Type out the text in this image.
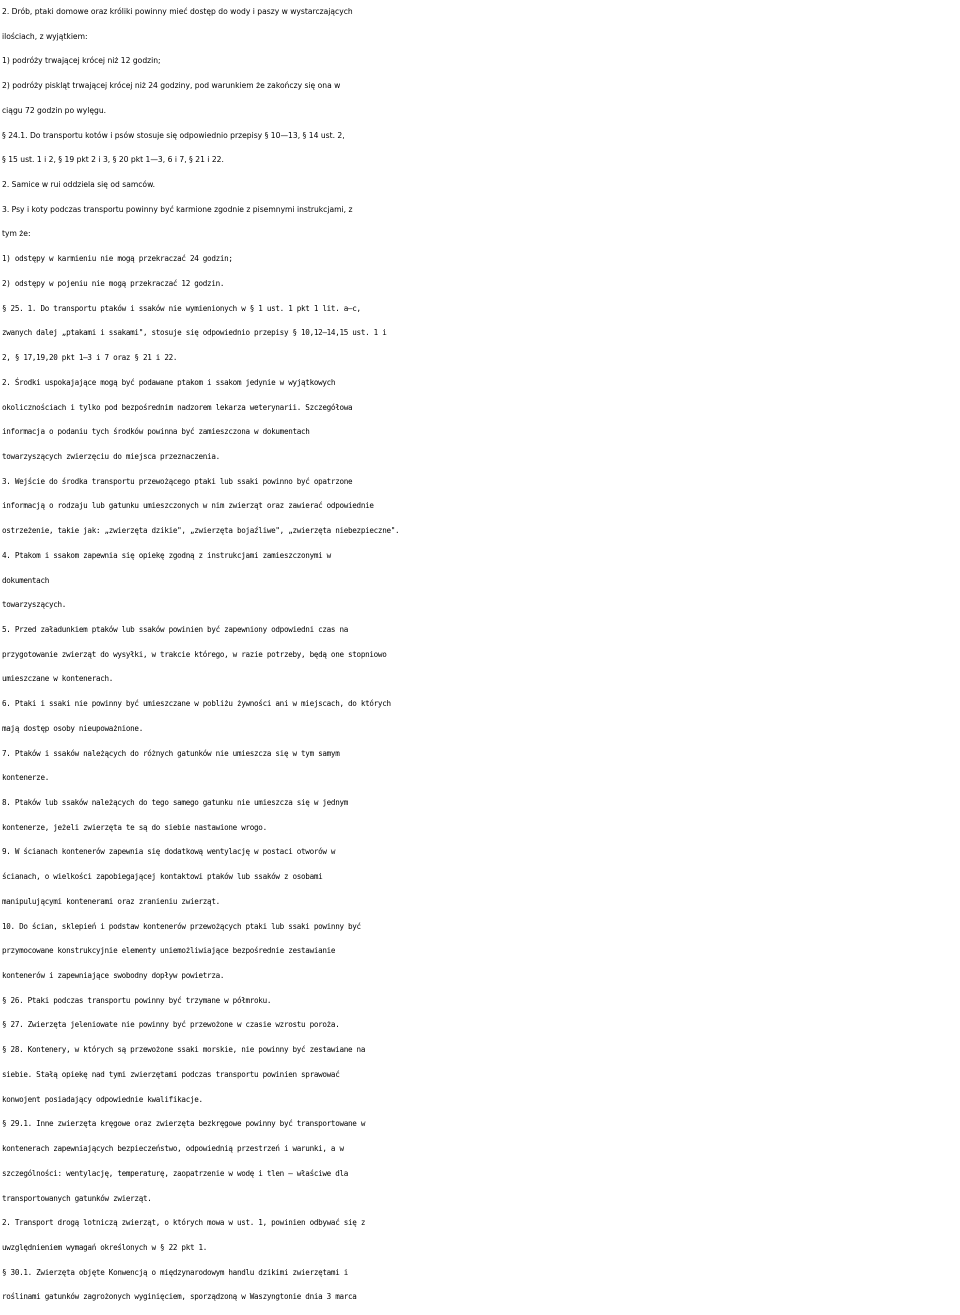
2. Drób, ptaki domowe oraz króliki powinny mieć dostęp do wody i paszy w wystarczających
ilościach, z wyjątkiem:
1) podróży trwającej krócej niż 12 godzin;
2) podróży piskląt trwającej krócej niż 24 godziny, pod warunkiem że zakończy się ona w
ciągu 72 godzin po wylęgu.
§ 24.1. Do transportu kotów i psów stosuje się odpowiednio przepisy § 10—13, § 14 ust. 2,
§ 15 ust. 1 i 2, § 19 pkt 2 i 3, § 20 pkt 1—3, 6 i 7, § 21 i 22.
2. Samice w rui oddziela się od samców.
3. Psy i koty podczas transportu powinny być karmione zgodnie z pisemnymi instrukcjami, z
tym że:
1) odstępy w karmieniu nie mogą przekraczać 24 godzin;
2) odstępy w pojeniu nie mogą przekraczać 12 godzin.
§ 25. 1. Do transportu ptaków i ssaków nie wymienionych w § 1 ust. 1 pkt 1 lit. a—c,
zwanych dalej „ptakami i ssakami", stosuje się odpowiednio przepisy § 10,12—14,15 ust. 1 i
2, § 17,19,20 pkt 1—3 i 7 oraz § 21 i 22.
2. Środki uspokajające mogą być podawane ptakom i ssakom jedynie w wyjątkowych
okolicznościach i tylko pod bezpośrednim nadzorem lekarza weterynarii. Szczegółowa
informacja o podaniu tych środków powinna być zamieszczona w dokumentach
towarzyszących zwierzęciu do miejsca przeznaczenia.
3. Wejście do środka transportu przewożącego ptaki lub ssaki powinno być opatrzone
informacją o rodzaju lub gatunku umieszczonych w nim zwierząt oraz zawierać odpowiednie
ostrzeżenie, takie jak: „zwierzęta dzikie", „zwierzęta bojaźliwe", „zwierzęta niebezpieczne".
4. Ptakom i ssakom zapewnia się opiekę zgodną z instrukcjami zamieszczonymi w
dokumentach
towarzyszących.
5. Przed załadunkiem ptaków lub ssaków powinien być zapewniony odpowiedni czas na
przygotowanie zwierząt do wysyłki, w trakcie którego, w razie potrzeby, będą one stopniowo
umieszczane w kontenerach.
6. Ptaki i ssaki nie powinny być umieszczane w pobliżu żywności ani w miejscach, do których
mają dostęp osoby nieupoważnione.
7. Ptaków i ssaków należących do różnych gatunków nie umieszcza się w tym samym
kontenerze.
8. Ptaków lub ssaków należących do tego samego gatunku nie umieszcza się w jednym
kontenerze, jeżeli zwierzęta te są do siebie nastawione wrogo.
9. W ścianach kontenerów zapewnia się dodatkową wentylację w postaci otworów w
ścianach, o wielkości zapobiegającej kontaktowi ptaków lub ssaków z osobami
manipulującymi kontenerami oraz zranieniu zwierząt.
10. Do ścian, sklepień i podstaw kontenerów przewożących ptaki lub ssaki powinny być
przymocowane konstrukcyjnie elementy uniemożliwiające bezpośrednie zestawianie
kontenerów i zapewniające swobodny dopływ powietrza.
§ 26. Ptaki podczas transportu powinny być trzymane w półmroku.
§ 27. Zwierzęta jeleniowate nie powinny być przewożone w czasie wzrostu poroża.
§ 28. Kontenery, w których są przewożone ssaki morskie, nie powinny być zestawiane na
siebie. Stałą opiekę nad tymi zwierzętami podczas transportu powinien sprawować
konwojent posiadający odpowiednie kwalifikacje.
§ 29.1. Inne zwierzęta kręgowe oraz zwierzęta bezkręgowe powinny być transportowane w
kontenerach zapewniających bezpieczeństwo, odpowiednią przestrzeń i warunki, a w
szczególności: wentylację, temperaturę, zaopatrzenie w wodę i tlen — właściwe dla
transportowanych gatunków zwierząt.
2. Transport drogą lotniczą zwierząt, o których mowa w ust. 1, powinien odbywać się z
uwzględnieniem wymagań określonych w § 22 pkt 1.
§ 30.1. Zwierzęta objęte Konwencją o międzynarodowym handlu dzikimi zwierzętami i
roślinami gatunków zagrożonych wyginięciem, sporządzoną w Waszyngtonie dnia 3 marca
